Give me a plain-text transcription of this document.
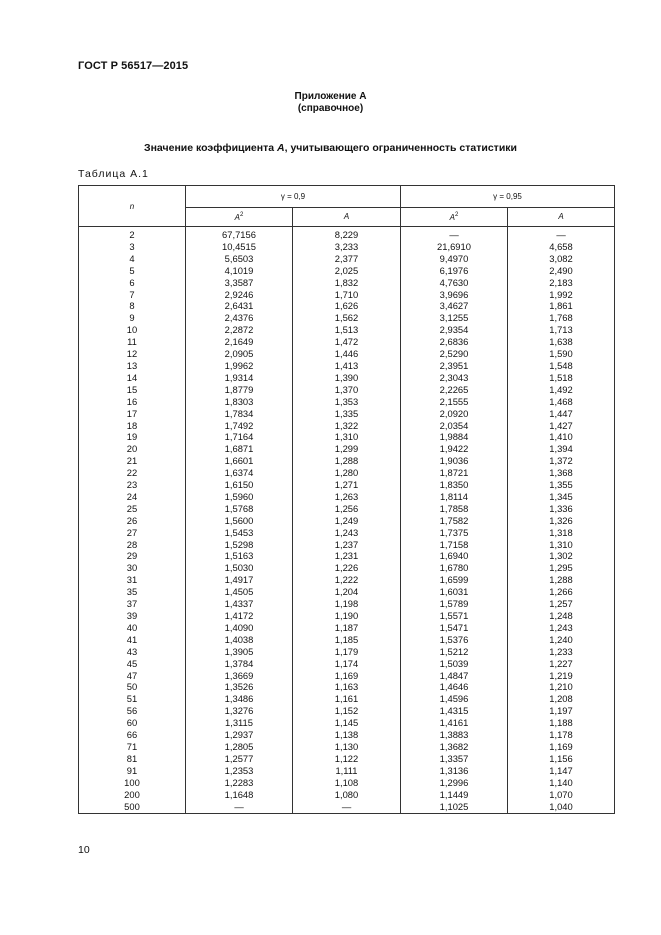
ГОСТ Р 56517—2015
Приложение А
(справочное)
Значение коэффициента A, учитывающего ограниченность статистики
Таблица А.1
n	γ = 0,9		γ = 0,95	
	$A^2$	A	$A^2$	A
2	67,7156	8,229	—	—
3	10,4515	3,233	21,6910	4,658
4	5,6503	2,377	9,4970	3,082
5	4,1019	2,025	6,1976	2,490
6	3,3587	1,832	4,7630	2,183
7	2,9246	1,710	3,9696	1,992
8	2,6431	1,626	3,4627	1,861
9	2,4376	1,562	3,1255	1,768
10	2,2872	1,513	2,9354	1,713
11	2,1649	1,472	2,6836	1,638
12	2,0905	1,446	2,5290	1,590
13	1,9962	1,413	2,3951	1,548
14	1,9314	1,390	2,3043	1,518
15	1,8779	1,370	2,2265	1,492
16	1,8303	1,353	2,1555	1,468
17	1,7834	1,335	2,0920	1,447
18	1,7492	1,322	2,0354	1,427
19	1,7164	1,310	1,9884	1,410
20	1,6871	1,299	1,9422	1,394
21	1,6601	1,288	1,9036	1,372
22	1,6374	1,280	1,8721	1,368
23	1,6150	1,271	1,8350	1,355
24	1,5960	1,263	1,8114	1,345
25	1,5768	1,256	1,7858	1,336
26	1,5600	1,249	1,7582	1,326
27	1,5453	1,243	1,7375	1,318
28	1,5298	1,237	1,7158	1,310
29	1,5163	1,231	1,6940	1,302
30	1,5030	1,226	1,6780	1,295
31	1,4917	1,222	1,6599	1,288
35	1,4505	1,204	1,6031	1,266
37	1,4337	1,198	1,5789	1,257
39	1,4172	1,190	1,5571	1,248
40	1,4090	1,187	1,5471	1,243
41	1,4038	1,185	1,5376	1,240
43	1,3905	1,179	1,5212	1,233
45	1,3784	1,174	1,5039	1,227
47	1,3669	1,169	1,4847	1,219
50	1,3526	1,163	1,4646	1,210
51	1,3486	1,161	1,4596	1,208
56	1,3276	1,152	1,4315	1,197
60	1,3115	1,145	1,4161	1,188
66	1,2937	1,138	1,3883	1,178
71	1,2805	1,130	1,3682	1,169
81	1,2577	1,122	1,3357	1,156
91	1,2353	1,111	1,3136	1,147
100	1,2283	1,108	1,2996	1,140
200	1,1648	1,080	1,1449	1,070
500	—	—	1,1025	1,040
10
